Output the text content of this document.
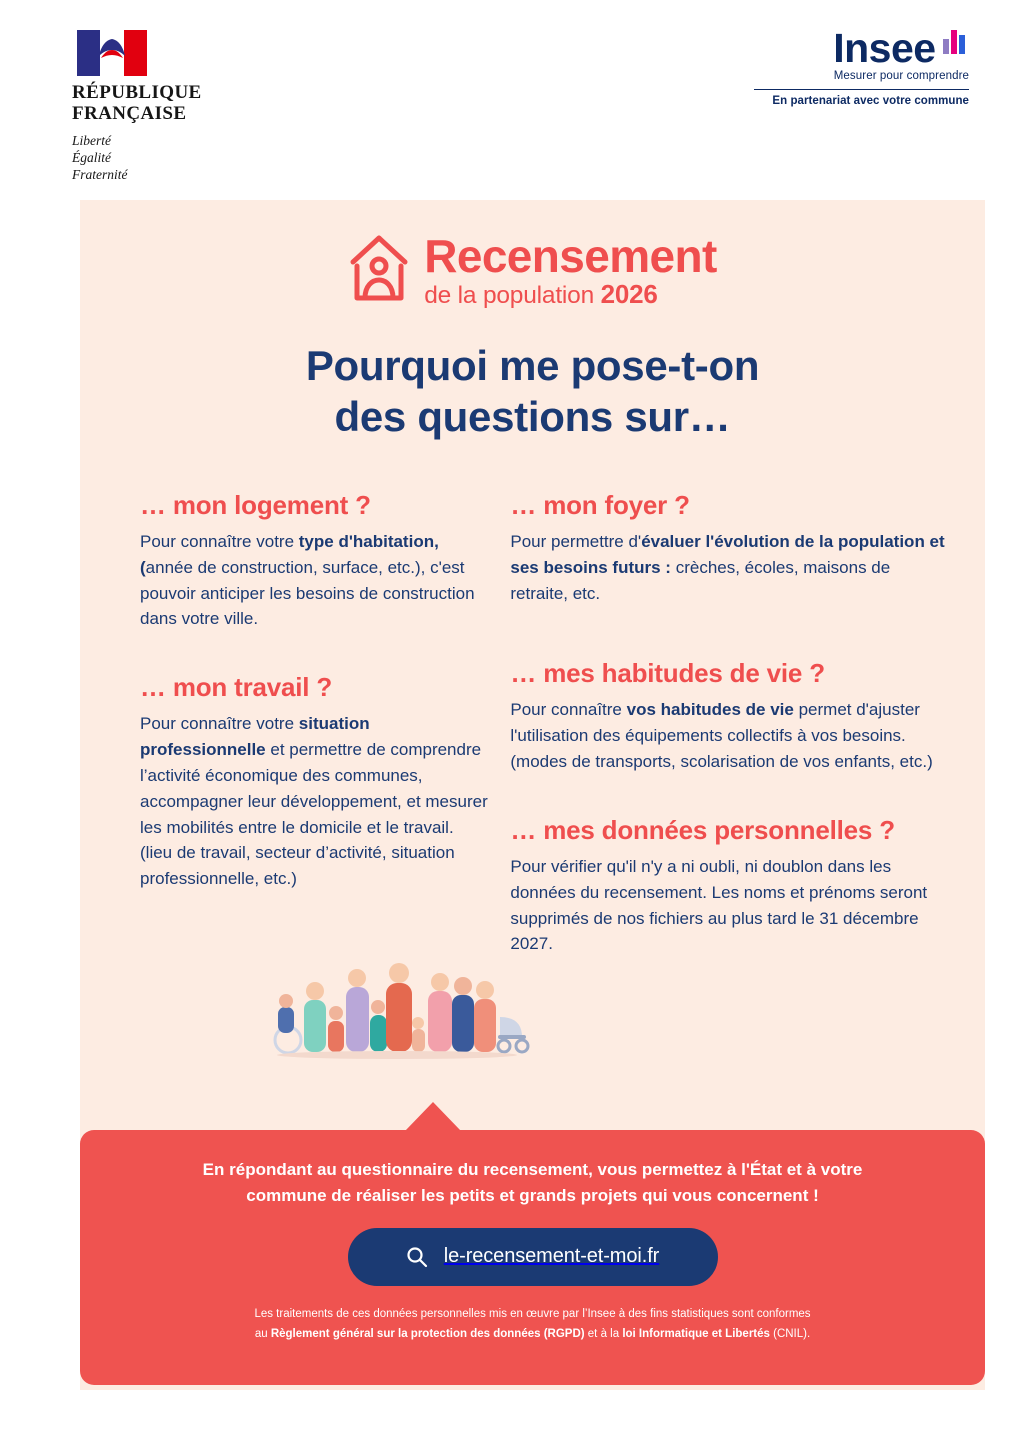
RÉPUBLIQUE
FRANÇAISE
Liberté
Égalité
Fraternité
Insee
Mesurer pour comprendre
En partenariat avec votre commune
Recensement
de la population 2026
Pourquoi me pose-t-on
des questions sur…
… mon logement ?

Pour connaître votre type d'habitation, (année de construction, surface, etc.), c'est pouvoir anticiper les besoins de construction dans votre ville.

… mon travail ?

Pour connaître votre situation professionnelle et permettre de comprendre l’activité économique des communes, accompagner leur développement, et mesurer les mobilités entre le domicile et le travail. (lieu de travail, secteur d’activité, situation professionnelle, etc.)

… mon foyer ?

Pour permettre d'évaluer l'évolution de la population et ses besoins futurs : crèches, écoles, maisons de retraite, etc.

… mes habitudes de vie ?

Pour connaître vos habitudes de vie permet d'ajuster l'utilisation des équipements collectifs à vos besoins. (modes de transports, scolarisation de vos enfants, etc.)

… mes données personnelles ?

Pour vérifier qu'il n'y a ni oubli, ni doublon dans les données du recensement. Les noms et prénoms seront supprimés de nos fichiers au plus tard le 31 décembre 2027.

En répondant au questionnaire du recensement, vous permettez à l'État et à votre
commune de réaliser les petits et grands projets qui vous concernent !
le-recensement-et-moi.fr
Les traitements de ces données personnelles mis en œuvre par l’Insee à des fins statistiques sont conformes
au Règlement général sur la protection des données (RGPD) et à la loi Informatique et Libertés (CNIL).
